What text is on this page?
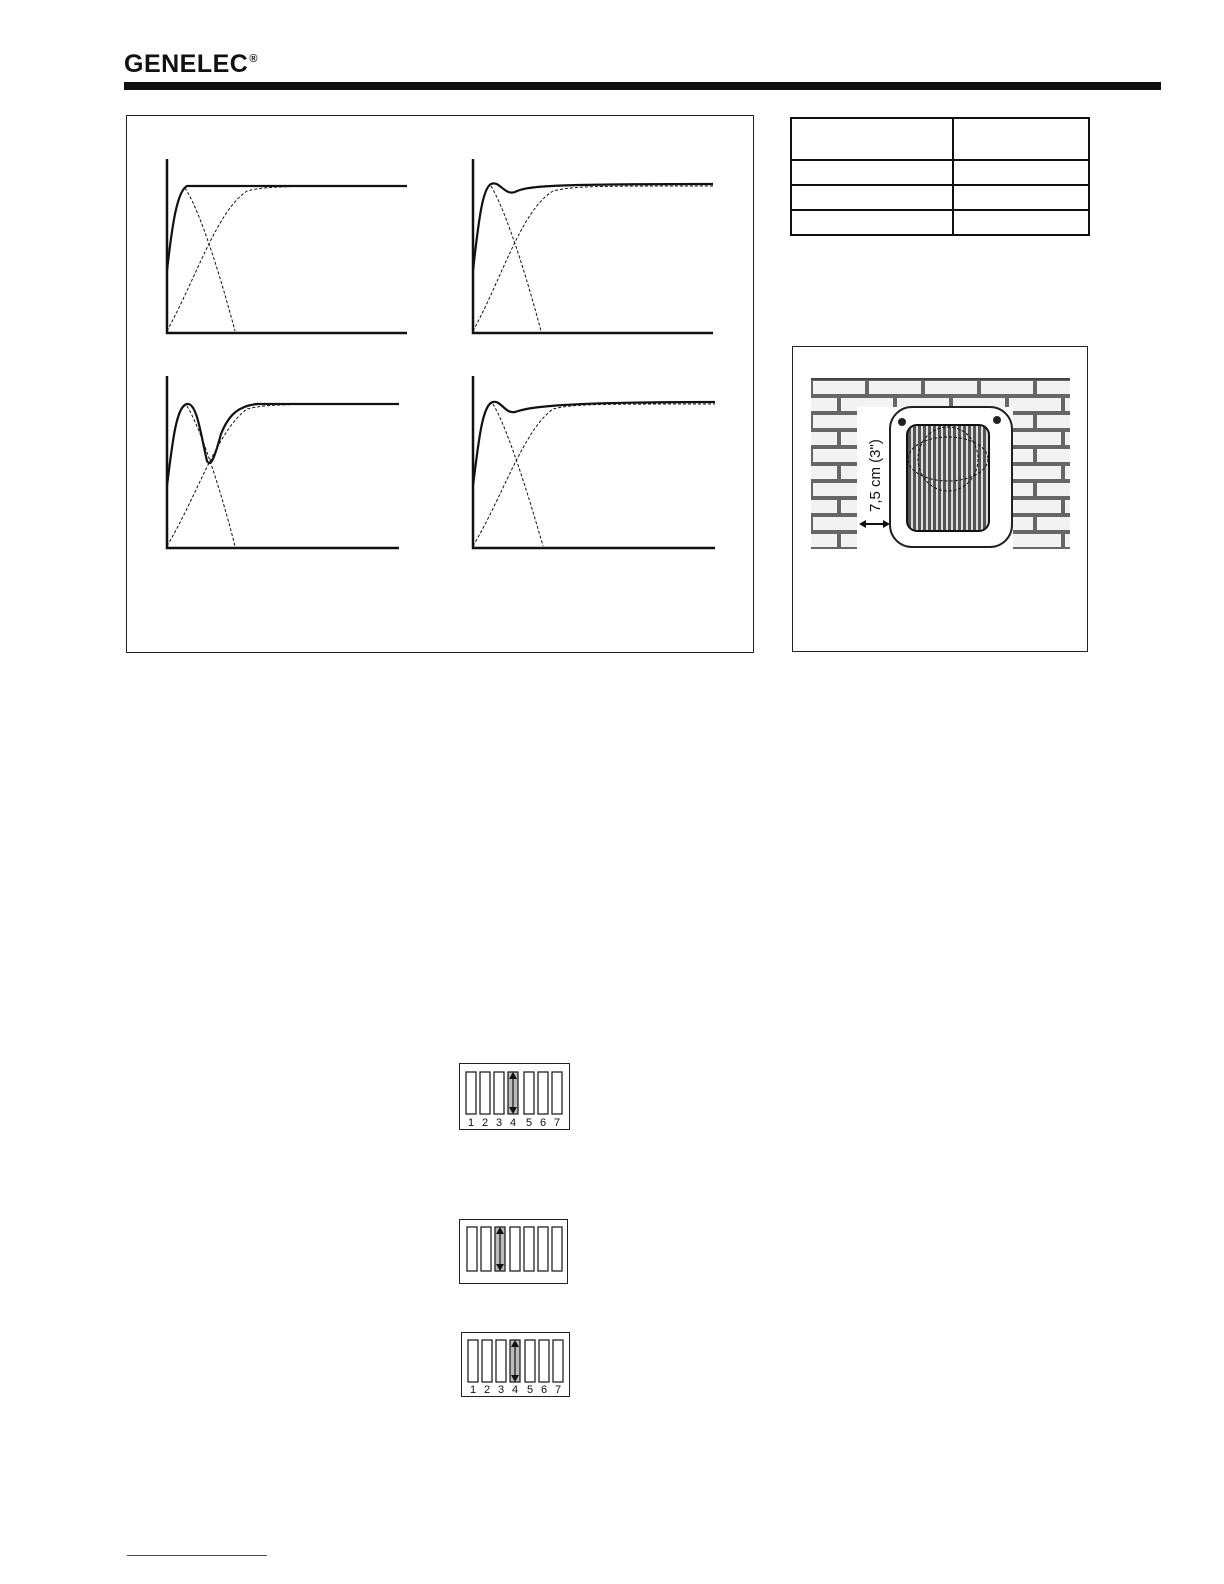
GENELEC®

7,5 cm (3")
1 2 3 4 5 6 7
1 2 3 4 5 6 7
